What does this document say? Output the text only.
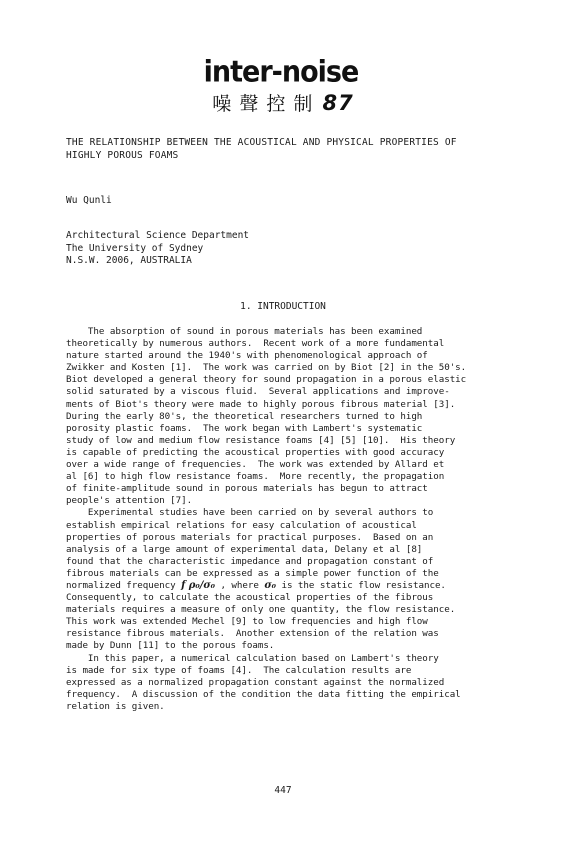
inter-noise
噪 聲 控 制 87
THE RELATIONSHIP BETWEEN THE ACOUSTICAL AND PHYSICAL PROPERTIES OF
HIGHLY POROUS FOAMS
Wu Qunli
Architectural Science Department
The University of Sydney
N.S.W. 2006, AUSTRALIA
1. INTRODUCTION
The absorption of sound in porous materials has been examined
theoretically by numerous authors.  Recent work of a more fundamental
nature started around the 1940's with phenomenological approach of
Zwikker and Kosten [1].  The work was carried on by Biot [2] in the 50's.
Biot developed a general theory for sound propagation in a porous elastic
solid saturated by a viscous fluid.  Several applications and improve-
ments of Biot's theory were made to highly porous fibrous material [3].
During the early 80's, the theoretical researchers turned to high
porosity plastic foams.  The work began with Lambert's systematic
study of low and medium flow resistance foams [4] [5] [10].  His theory
is capable of predicting the acoustical properties with good accuracy
over a wide range of frequencies.  The work was extended by Allard et
al [6] to high flow resistance foams.  More recently, the propagation
of finite-amplitude sound in porous materials has begun to attract
people's attention [7].
Experimental studies have been carried on by several authors to
establish empirical relations for easy calculation of acoustical
properties of porous materials for practical purposes.  Based on an
analysis of a large amount of experimental data, Delany et al [8]
found that the characteristic impedance and propagation constant of
fibrous materials can be expressed as a simple power function of the
normalized frequency f ρ₀/σ₀ , where σ₀ is the static flow resistance.
Consequently, to calculate the acoustical properties of the fibrous
materials requires a measure of only one quantity, the flow resistance.
This work was extended Mechel [9] to low frequencies and high flow
resistance fibrous materials.  Another extension of the relation was
made by Dunn [11] to the porous foams.
In this paper, a numerical calculation based on Lambert's theory
is made for six type of foams [4].  The calculation results are
expressed as a normalized propagation constant against the normalized
frequency.  A discussion of the condition the data fitting the empirical
relation is given.
447
